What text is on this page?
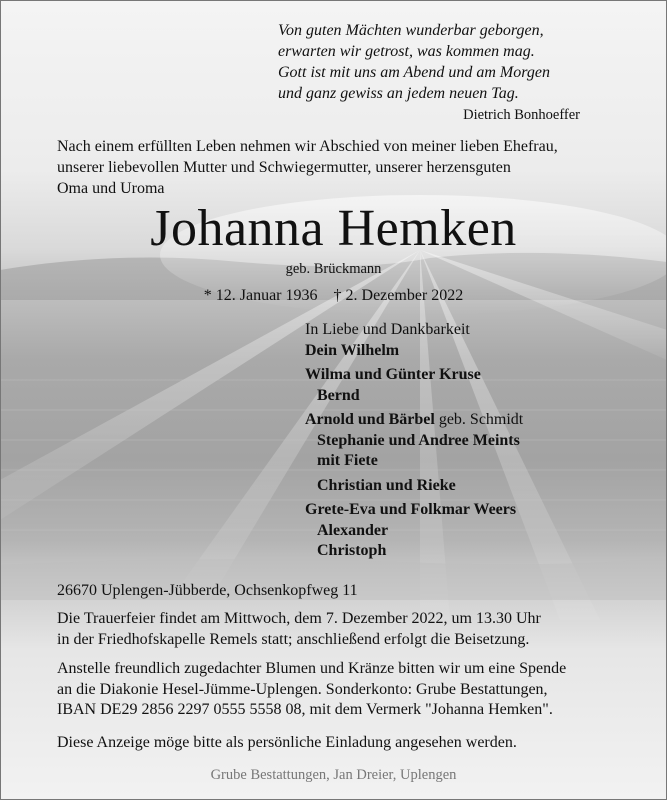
Von guten Mächten wunderbar geborgen,
erwarten wir getrost, was kommen mag.
Gott ist mit uns am Abend und am Morgen
und ganz gewiss an jedem neuen Tag.
Dietrich Bonhoeffer
Nach einem erfüllten Leben nehmen wir Abschied von meiner lieben Ehefrau,
unserer liebevollen Mutter und Schwiegermutter, unserer herzensguten
Oma und Uroma
Johanna Hemken
geb. Brückmann
* 12. Januar 1936 † 2. Dezember 2022
In Liebe und Dankbarkeit
Dein Wilhelm
Wilma und Günter Kruse
Bernd
Arnold und Bärbel geb. Schmidt
Stephanie und Andree Meints
mit Fiete
Christian und Rieke
Grete-Eva und Folkmar Weers
Alexander
Christoph
26670 Uplengen-Jübberde, Ochsenkopfweg 11
Die Trauerfeier findet am Mittwoch, dem 7. Dezember 2022, um 13.30 Uhr
in der Friedhofskapelle Remels statt; anschließend erfolgt die Beisetzung.
Anstelle freundlich zugedachter Blumen und Kränze bitten wir um eine Spende
an die Diakonie Hesel-Jümme-Uplengen. Sonderkonto: Grube Bestattungen,
IBAN DE29 2856 2297 0555 5558 08, mit dem Vermerk "Johanna Hemken".
Diese Anzeige möge bitte als persönliche Einladung angesehen werden.
Grube Bestattungen, Jan Dreier, Uplengen
